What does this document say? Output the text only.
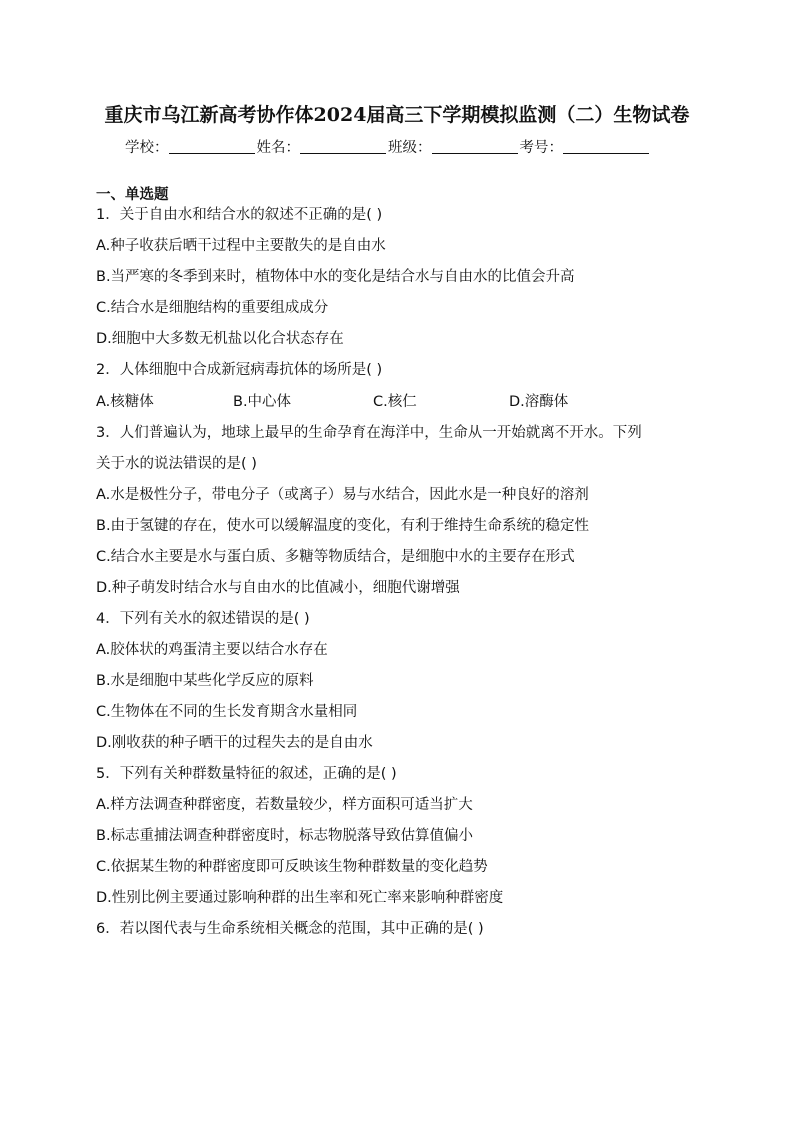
重庆市乌江新高考协作体2024届高三下学期模拟监测（二）生物试卷
学校：	姓名：	班级：	考号：
一、单选题
1．关于自由水和结合水的叙述不正确的是( )
A.种子收获后晒干过程中主要散失的是自由水
B.当严寒的冬季到来时，植物体中水的变化是结合水与自由水的比值会升高
C.结合水是细胞结构的重要组成成分
D.细胞中大多数无机盐以化合状态存在
2．人体细胞中合成新冠病毒抗体的场所是( )
A.核糖体	B.中心体	C.核仁	D.溶酶体
3．人们普遍认为，地球上最早的生命孕育在海洋中，生命从一开始就离不开水。下列
关于水的说法错误的是( )
A.水是极性分子，带电分子（或离子）易与水结合，因此水是一种良好的溶剂
B.由于氢键的存在，使水可以缓解温度的变化，有利于维持生命系统的稳定性
C.结合水主要是水与蛋白质、多糖等物质结合，是细胞中水的主要存在形式
D.种子萌发时结合水与自由水的比值减小，细胞代谢增强
4．下列有关水的叙述错误的是( )
A.胶体状的鸡蛋清主要以结合水存在
B.水是细胞中某些化学反应的原料
C.生物体在不同的生长发育期含水量相同
D.刚收获的种子晒干的过程失去的是自由水
5．下列有关种群数量特征的叙述，正确的是( )
A.样方法调查种群密度，若数量较少，样方面积可适当扩大
B.标志重捕法调查种群密度时，标志物脱落导致估算值偏小
C.依据某生物的种群密度即可反映该生物种群数量的变化趋势
D.性别比例主要通过影响种群的出生率和死亡率来影响种群密度
6．若以图代表与生命系统相关概念的范围，其中正确的是( )
